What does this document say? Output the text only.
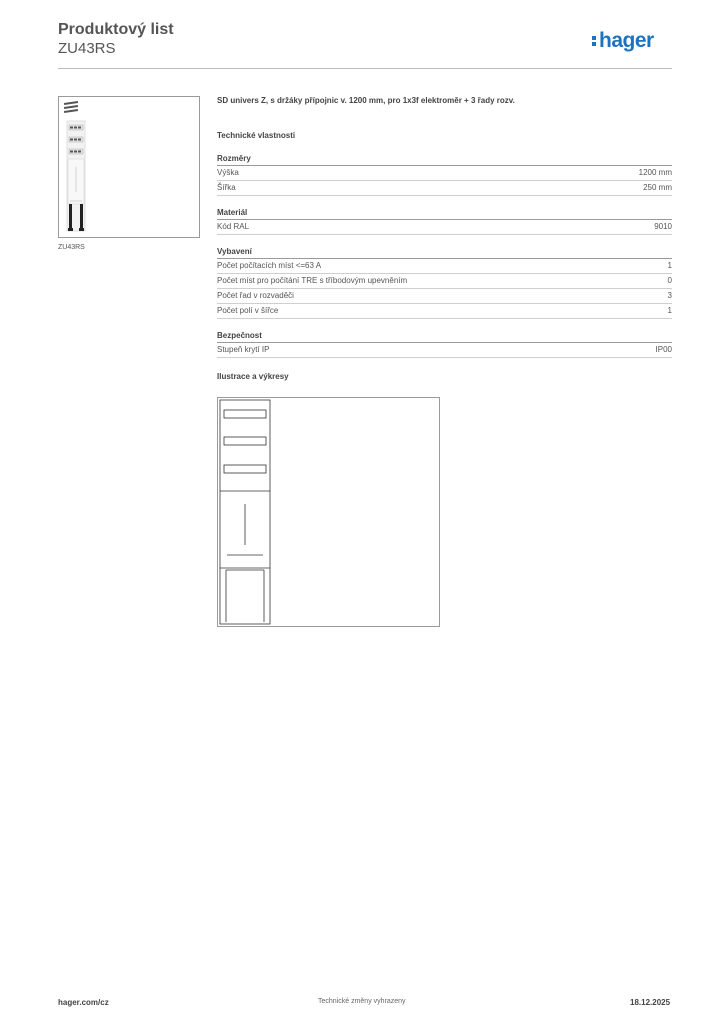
Produktový list
ZU43RS	hager
ZU43RS
SD univers Z, s držáky přípojnic v. 1200 mm, pro 1x3f elektroměr + 3 řady rozv.
Technické vlastnosti
Rozměry
Výška	1200 mm
Šířka	250 mm
Materiál
Kód RAL	9010
Vybavení
Počet počítacích míst <=63 A	1
Počet míst pro počítání TRE s tříbodovým upevněním	0
Počet řad v rozvaděči	3
Počet polí v šířce	1
Bezpečnost
Stupeň krytí IP	IP00
Ilustrace a výkresy
hager.com/cz	Technické změny vyhrazeny	18.12.2025
